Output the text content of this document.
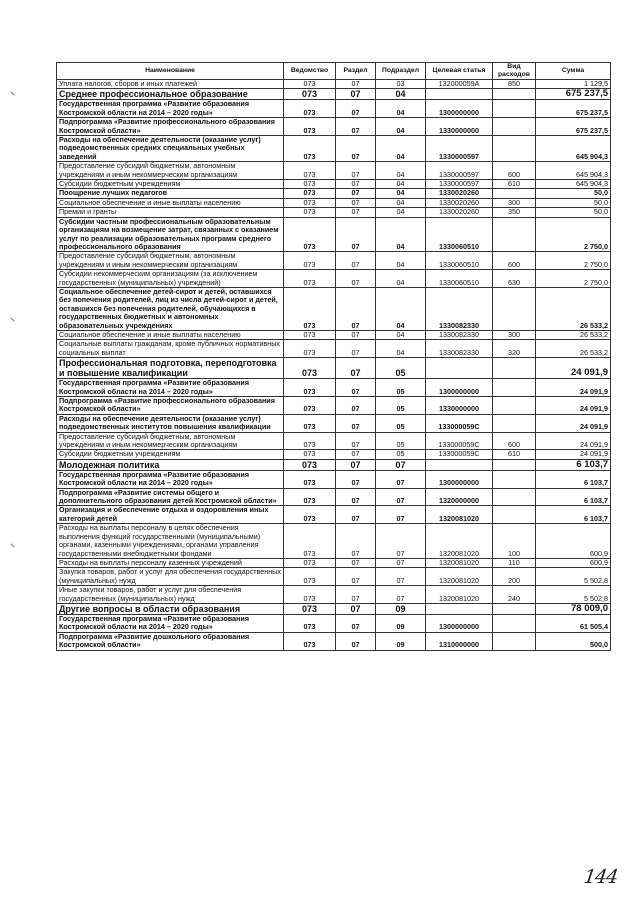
Наименование	Ведомство	Раздел	Подраздел	Целевая статья	Вид расходов	Сумма
Уплата налогов, сборов и иных платежей	073	07	03	132000059А	850	1 129,5
Среднее профессиональное образование	073	07	04			675 237,5
Государственная программа «Развитие образования Костромской области на 2014 – 2020 годы»	073	07	04	1300000000		675 237,5
Подпрограмма «Развитие профессионального образования Костромской области»	073	07	04	1330000000		675 237,5
Расходы на обеспечение деятельности (оказание услуг) подведомственных средних специальных учебных заведений	073	07	04	1330000597		645 904,3
Предоставление субсидий бюджетным, автономным учреждениям и иным некоммерческим организациям	073	07	04	1330000597	600	645 904,3
Субсидии бюджетным учреждениям	073	07	04	1330000597	610	645 904,3
Поощрение лучших педагогов	073	07	04	1330020260		50,0
Социальное обеспечение и иные выплаты населению	073	07	04	1330020260	300	50,0
Премии и гранты	073	07	04	1330020260	350	50,0
Субсидии частным профессиональным образовательным организациям на возмещение затрат, связанных с оказанием услуг по реализации образовательных программ среднего профессионального образования	073	07	04	1330060510		2 750,0
Предоставление субсидий бюджетным, автономным учреждениям и иным некоммерческим организациям	073	07	04	1330060510	600	2 750,0
Субсидии некоммерческим организациям (за исключением государственных (муниципальных) учреждений)	073	07	04	1330060510	630	2 750,0
Социальное обеспечение детей-сирот и детей, оставшихся без попечения родителей, лиц из числа детей-сирот и детей, оставшихся без попечения родителей, обучающихся в государственных бюджетных и автономных образовательных учреждениях	073	07	04	1330082330		26 533,2
Социальное обеспечение и иные выплаты населению	073	07	04	1330082330	300	26 533,2
Социальные выплаты гражданам, кроме публичных нормативных социальных выплат	073	07	04	1330082330	320	26 533,2
Профессиональная подготовка, переподготовка и повышение квалификации	073	07	05			24 091,9
Государственная программа «Развитие образования Костромской области на 2014 – 2020 годы»	073	07	05	1300000000		24 091,9
Подпрограмма «Развитие профессионального образования Костромской области»	073	07	05	1330000000		24 091,9
Расходы на обеспечение деятельности (оказание услуг) подведомственных институтов повышения квалификации	073	07	05	133000059С		24 091,9
Предоставление субсидий бюджетным, автономным учреждениям и иным некоммерческим организациям	073	07	05	133000059С	600	24 091,9
Субсидии бюджетным учреждениям	073	07	05	133000059С	610	24 091,9
Молодежная политика	073	07	07			6 103,7
Государственная программа «Развитие образования Костромской области на 2014 – 2020 годы»	073	07	07	1300000000		6 103,7
Подпрограмма «Развитие системы общего и дополнительного образования детей Костромской области»	073	07	07	1320000000		6 103,7
Организация и обеспечение отдыха и оздоровления иных категорий детей	073	07	07	1320081020		6 103,7
Расходы на выплаты персоналу в целях обеспечения выполнения функций государственными (муниципальными) органами, казенными учреждениями, органами управления государственными внебюджетными фондами	073	07	07	1320081020	100	600,9
Расходы на выплаты персоналу казенных учреждений	073	07	07	1320081020	110	600,9
Закупка товаров, работ и услуг для обеспечения государственных (муниципальных) нужд	073	07	07	1320081020	200	5 502,8
Иные закупки товаров, работ и услуг для обеспечения государственных (муниципальных) нужд	073	07	07	1320081020	240	5 502,8
Другие вопросы в области образования	073	07	09			78 009,0
Государственная программа «Развитие образования Костромской области на 2014 – 2020 годы»	073	07	09	1300000000		61 505,4
Подпрограмма «Развитие дошкольного образования Костромской области»	073	07	09	1310000000		500,0
144
